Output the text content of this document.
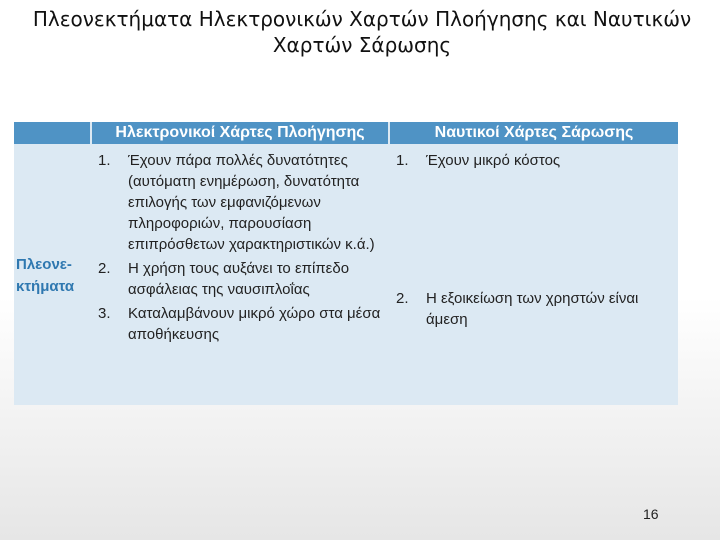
Πλεονεκτήματα Ηλεκτρονικών Χαρτών Πλοήγησης και Ναυτικών Χαρτών Σάρωσης
Ηλεκτρονικοί Χάρτες Πλοήγησης	Ναυτικοί Χάρτες Σάρωσης
Πλεονε-κτήματα
1. Έχουν πάρα πολλές δυνατότητες (αυτόματη ενημέρωση, δυνατότητα επιλογής των εμφανιζόμενων πληροφοριών, παρουσίαση επιπρόσθετων χαρακτηριστικών κ.ά.)
2. Η χρήση τους αυξάνει το επίπεδο ασφάλειας της ναυσιπλοΐας
3. Καταλαμβάνουν μικρό χώρο στα μέσα αποθήκευσης
1. Έχουν μικρό κόστος
2. Η εξοικείωση των χρηστών είναι άμεση
16
